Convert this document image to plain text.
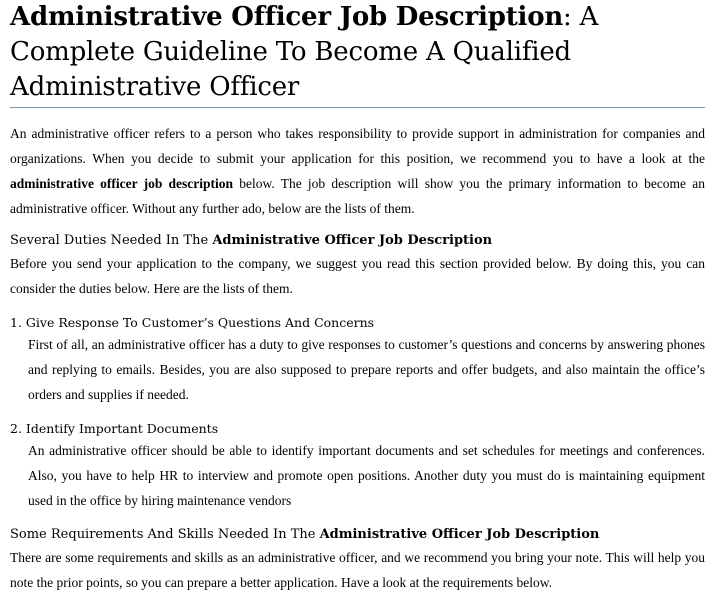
Administrative Officer Job Description: A Complete Guideline To Become A Qualified Administrative Officer

An administrative officer refers to a person who takes responsibility to provide support in administration for companies and organizations. When you decide to submit your application for this position, we recommend you to have a look at the administrative officer job description below. The job description will show you the primary information to become an administrative officer. Without any further ado, below are the lists of them.

Several Duties Needed In The Administrative Officer Job Description

Before you send your application to the company, we suggest you read this section provided below. By doing this, you can consider the duties below. Here are the lists of them.

1. Give Response To Customer’s Questions And Concerns

First of all, an administrative officer has a duty to give responses to customer’s questions and concerns by answering phones and replying to emails. Besides, you are also supposed to prepare reports and offer budgets, and also maintain the office’s orders and supplies if needed.

2. Identify Important Documents

An administrative officer should be able to identify important documents and set schedules for meetings and conferences. Also, you have to help HR to interview and promote open positions. Another duty you must do is maintaining equipment used in the office by hiring maintenance vendors

Some Requirements And Skills Needed In The Administrative Officer Job Description

There are some requirements and skills as an administrative officer, and we recommend you bring your note. This will help you note the prior points, so you can prepare a better application. Have a look at the requirements below.
